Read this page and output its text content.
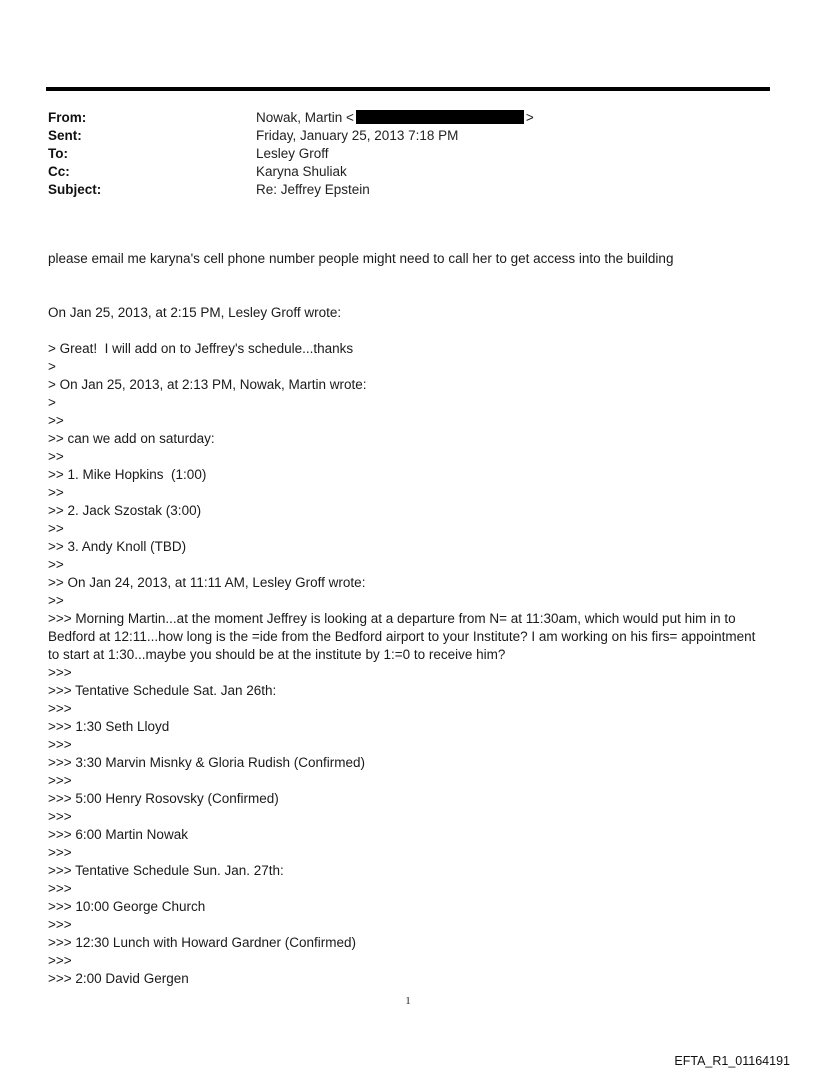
From:	Nowak, Martin <	>
Sent:	Friday, January 25, 2013 7:18 PM
To:	Lesley Groff
Cc:	Karyna Shuliak
Subject:	Re: Jeffrey Epstein
please email me karyna's cell phone number people might need to call her to get access into the building
On Jan 25, 2013, at 2:15 PM, Lesley Groff wrote:
> Great!  I will add on to Jeffrey's schedule...thanks
>
> On Jan 25, 2013, at 2:13 PM, Nowak, Martin wrote:
>
>>
>> can we add on saturday:
>>
>> 1. Mike Hopkins  (1:00)
>>
>> 2. Jack Szostak (3:00)
>>
>> 3. Andy Knoll (TBD)
>>
>> On Jan 24, 2013, at 11:11 AM, Lesley Groff wrote:
>>
>>> Morning Martin...at the moment Jeffrey is looking at a departure from N= at 11:30am, which would put him in to Bedford at 12:11...how long is the =ide from the Bedford airport to your Institute? I am working on his firs= appointment to start at 1:30...maybe you should be at the institute by 1:=0 to receive him?
>>>
>>> Tentative Schedule Sat. Jan 26th:
>>>
>>> 1:30 Seth Lloyd
>>>
>>> 3:30 Marvin Misnky & Gloria Rudish (Confirmed)
>>>
>>> 5:00 Henry Rosovsky (Confirmed)
>>>
>>> 6:00 Martin Nowak
>>>
>>> Tentative Schedule Sun. Jan. 27th:
>>>
>>> 10:00 George Church
>>>
>>> 12:30 Lunch with Howard Gardner (Confirmed)
>>>
>>> 2:00 David Gergen
1
EFTA_R1_01164191
